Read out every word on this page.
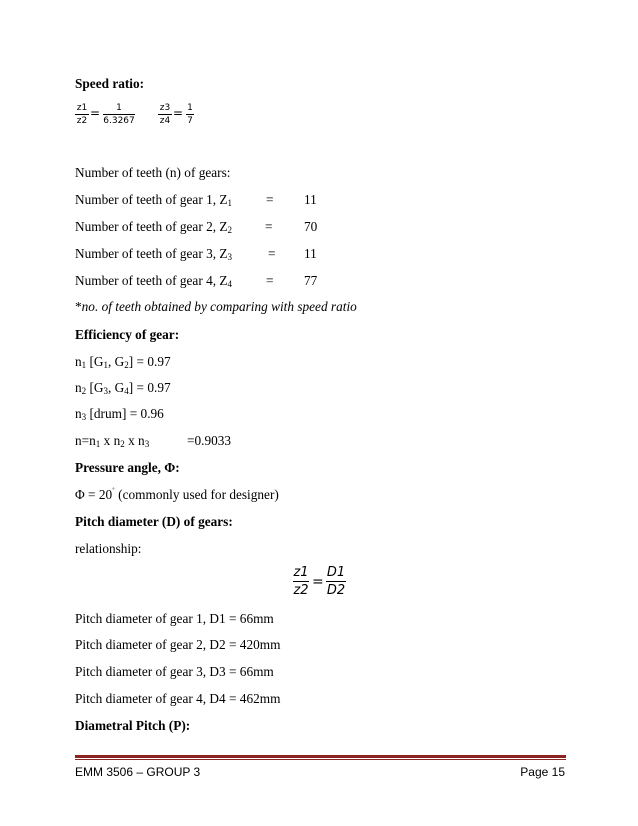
Speed ratio:
z1
z2
=	1
6.3267
z3
z4
= 1
7
Number of teeth (n) of gears:
Number of teeth of gear 1, $Z_1$	= 11
Number of teeth of gear 2, $Z_2 = 70$
Number of teeth of gear 3, $Z_3$	= 11
Number of teeth of gear 4, $Z_4$	= 77
*no. of teeth obtained by comparing with speed ratio
Efficiency of gear:
$n_1$ [$G_1$, $G_2] = 0.97$
$n_2$ [$G_3$, $G_4] = 0.97$
$n_3$ [drum] = 0.96
$n=n_1$ x $n_2$ x $n_3$	=0.9033
Pressure angle, Φ:
Φ = 20˚ (commonly used for designer)
Pitch diameter (D) of gears:
relationship:
z1
z2
=
D1
D2
Pitch diameter of gear 1, D1 = 66mm
Pitch diameter of gear 2, D2 = 420mm
Pitch diameter of gear 3, D3 = 66mm
Pitch diameter of gear 4, D4 = 462mm
Diametral Pitch (P):
EMM 3506 – GROUP 3	Page 15
